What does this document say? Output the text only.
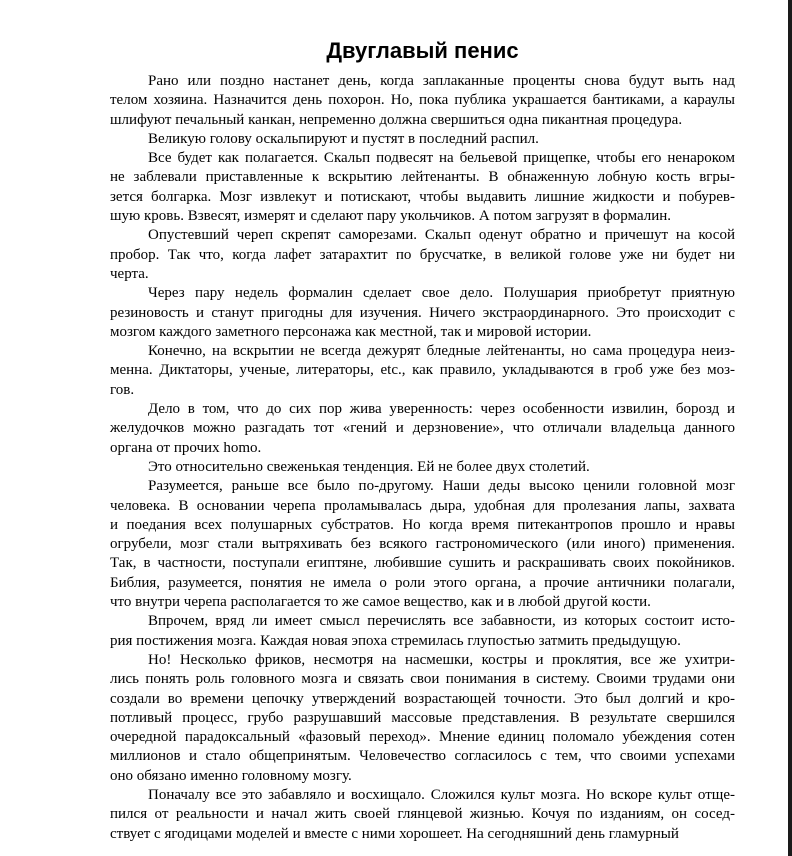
Двуглавый пенис
Рано или поздно настанет день, когда заплаканные проценты снова будут выть над
телом хозяина. Назначится день похорон. Но, пока публика украшается бантиками, а караулы
шлифуют печальный канкан, непременно должна свершиться одна пикантная процедура.
Великую голову оскальпируют и пустят в последний распил.
Все будет как полагается. Скальп подвесят на бельевой прищепке, чтобы его ненароком
не заблевали приставленные к вскрытию лейтенанты. В обнаженную лобную кость вгры-
зется болгарка. Мозг извлекут и потискают, чтобы выдавить лишние жидкости и побурев-
шую кровь. Взвесят, измерят и сделают пару укольчиков. А потом загрузят в формалин.
Опустевший череп скрепят саморезами. Скальп оденут обратно и причешут на косой
пробор. Так что, когда лафет затарахтит по брусчатке, в великой голове уже ни будет ни
черта.
Через пару недель формалин сделает свое дело. Полушария приобретут приятную
резиновость и станут пригодны для изучения. Ничего экстраординарного. Это происходит с
мозгом каждого заметного персонажа как местной, так и мировой истории.
Конечно, на вскрытии не всегда дежурят бледные лейтенанты, но сама процедура неиз-
менна. Диктаторы, ученые, литераторы, etc., как правило, укладываются в гроб уже без моз-
гов.
Дело в том, что до сих пор жива уверенность: через особенности извилин, борозд и
желудочков можно разгадать тот «гений и дерзновение», что отличали владельца данного
органа от прочих homo.
Это относительно свеженькая тенденция. Ей не более двух столетий.
Разумеется, раньше все было по-другому. Наши деды высоко ценили головной мозг
человека. В основании черепа проламывалась дыра, удобная для пролезания лапы, захвата
и поедания всех полушарных субстратов. Но когда время питекантропов прошло и нравы
огрубели, мозг стали вытряхивать без всякого гастрономического (или иного) применения.
Так, в частности, поступали египтяне, любившие сушить и раскрашивать своих покойников.
Библия, разумеется, понятия не имела о роли этого органа, а прочие античники полагали,
что внутри черепа располагается то же самое вещество, как и в любой другой кости.
Впрочем, вряд ли имеет смысл перечислять все забавности, из которых состоит исто-
рия постижения мозга. Каждая новая эпоха стремилась глупостью затмить предыдущую.
Но! Несколько фриков, несмотря на насмешки, костры и проклятия, все же ухитри-
лись понять роль головного мозга и связать свои понимания в систему. Своими трудами они
создали во времени цепочку утверждений возрастающей точности. Это был долгий и кро-
потливый процесс, грубо разрушавший массовые представления. В результате свершился
очередной парадоксальный «фазовый переход». Мнение единиц поломало убеждения сотен
миллионов и стало общепринятым. Человечество согласилось с тем, что своими успехами
оно обязано именно головному мозгу.
Поначалу все это забавляло и восхищало. Сложился культ мозга. Но вскоре культ отще-
пился от реальности и начал жить своей глянцевой жизнью. Кочуя по изданиям, он сосед-
ствует с ягодицами моделей и вместе с ними хорошеет. На сегодняшний день гламурный
